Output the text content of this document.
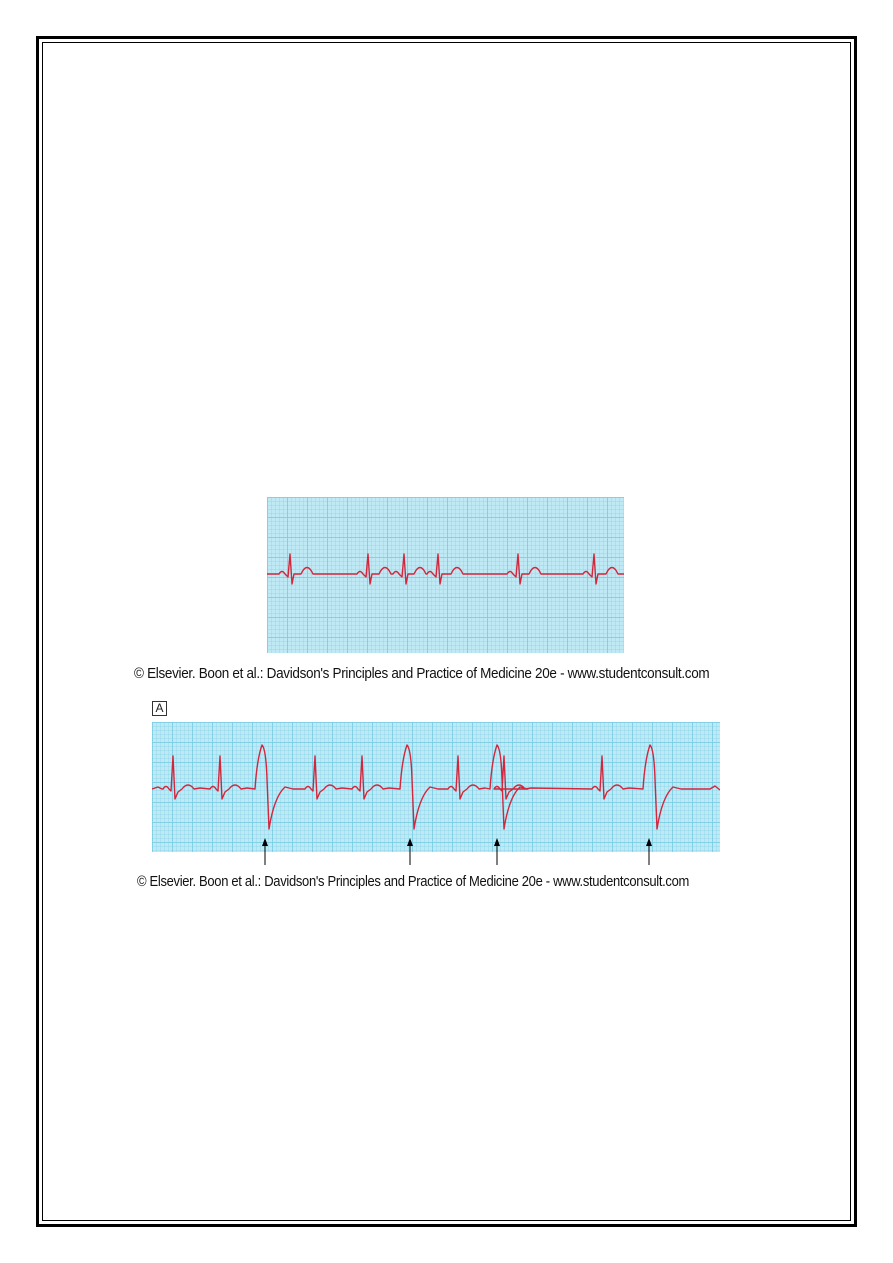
© Elsevier. Boon et al.: Davidson's Principles and Practice of Medicine 20e - www.studentconsult.com
A
© Elsevier. Boon et al.: Davidson's Principles and Practice of Medicine 20e - www.studentconsult.com
